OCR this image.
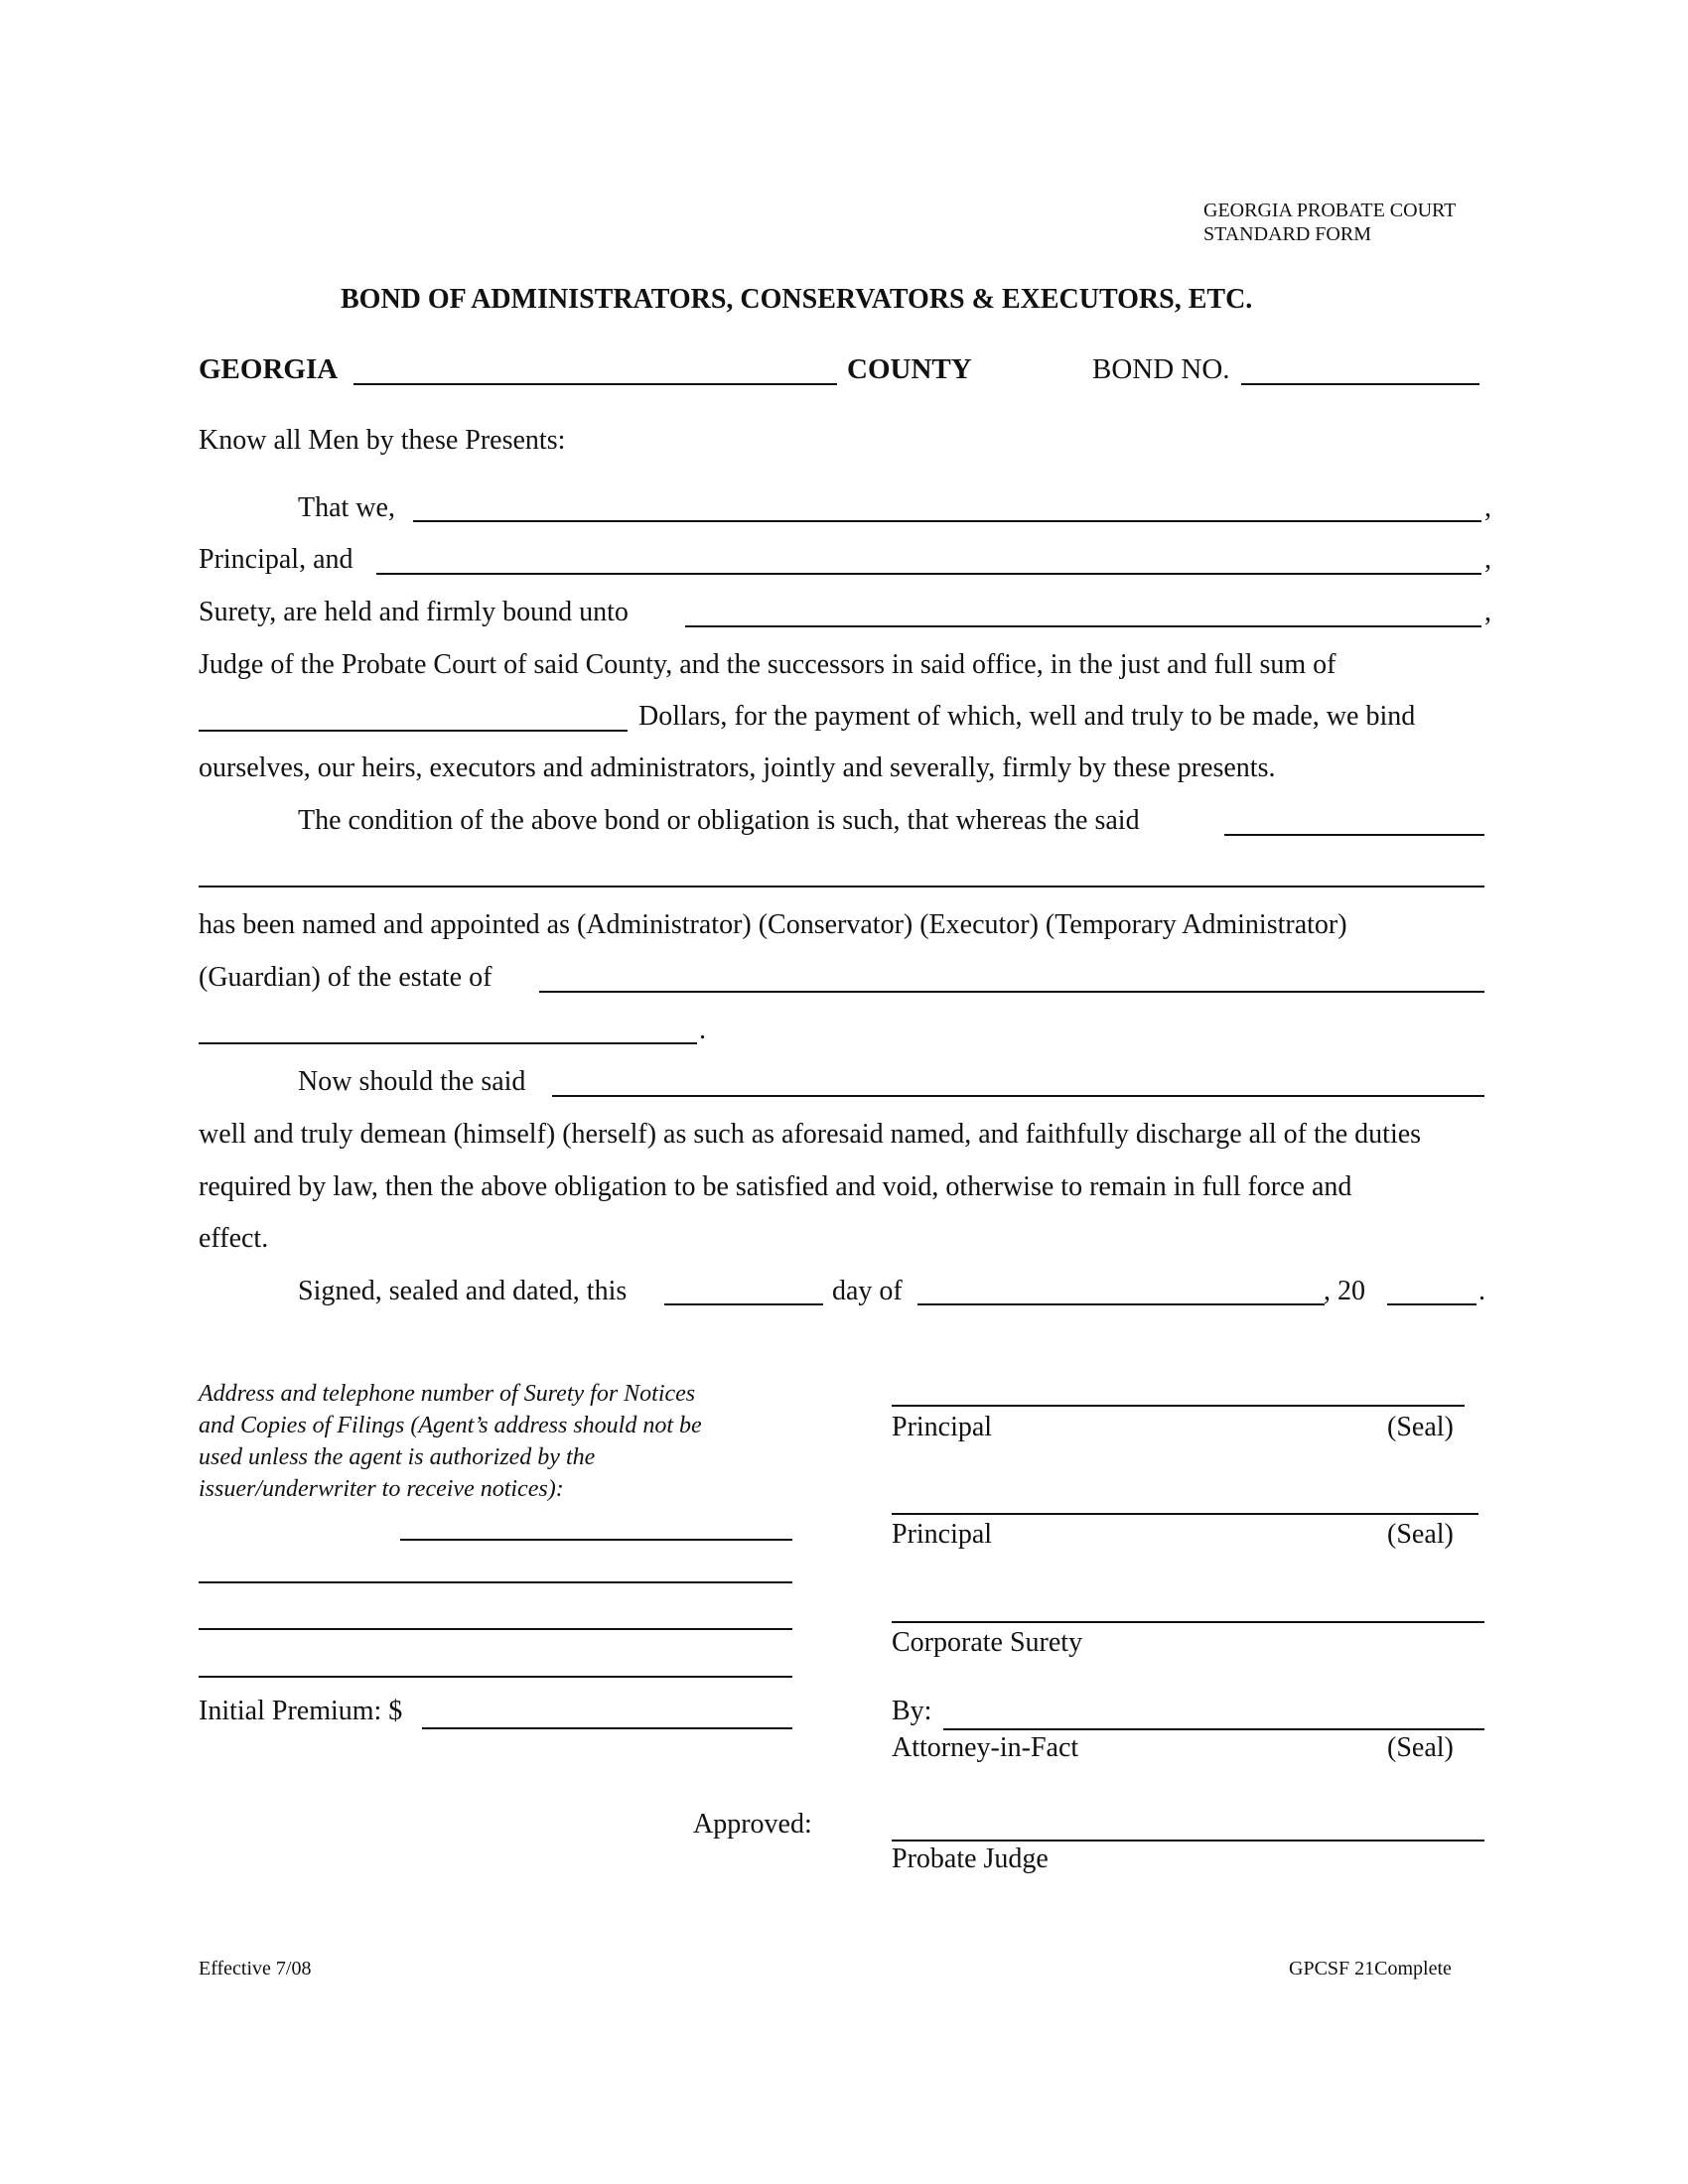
GEORGIA PROBATE COURT
STANDARD FORM
BOND OF ADMINISTRATORS, CONSERVATORS & EXECUTORS, ETC.
GEORGIA	COUNTY	BOND NO.
Know all Men by these Presents:
That we,	,
Principal, and	,
Surety, are held and firmly bound unto	,
Judge of the Probate Court of said County, and the successors in said office, in the just and full sum of
Dollars, for the payment of which, well and truly to be made, we bind
ourselves, our heirs, executors and administrators, jointly and severally, firmly by these presents.
The condition of the above bond or obligation is such, that whereas the said
has been named and appointed as (Administrator) (Conservator) (Executor) (Temporary Administrator)
(Guardian) of the estate of
.
Now should the said
well and truly demean (himself) (herself) as such as aforesaid named, and faithfully discharge all of the duties
required by law, then the above obligation to be satisfied and void, otherwise to remain in full force and
effect.
Signed, sealed and dated, this	day of	, 20	.
Address and telephone number of Surety for Notices and Copies of Filings (Agent’s address should not be used unless the agent is authorized by the issuer/underwriter to receive notices):
Initial Premium: $
Principal	(Seal)
Principal	(Seal)
Corporate Surety
By:
Attorney-in-Fact	(Seal)
Approved:
Probate Judge
Effective 7/08	GPCSF 21Complete
